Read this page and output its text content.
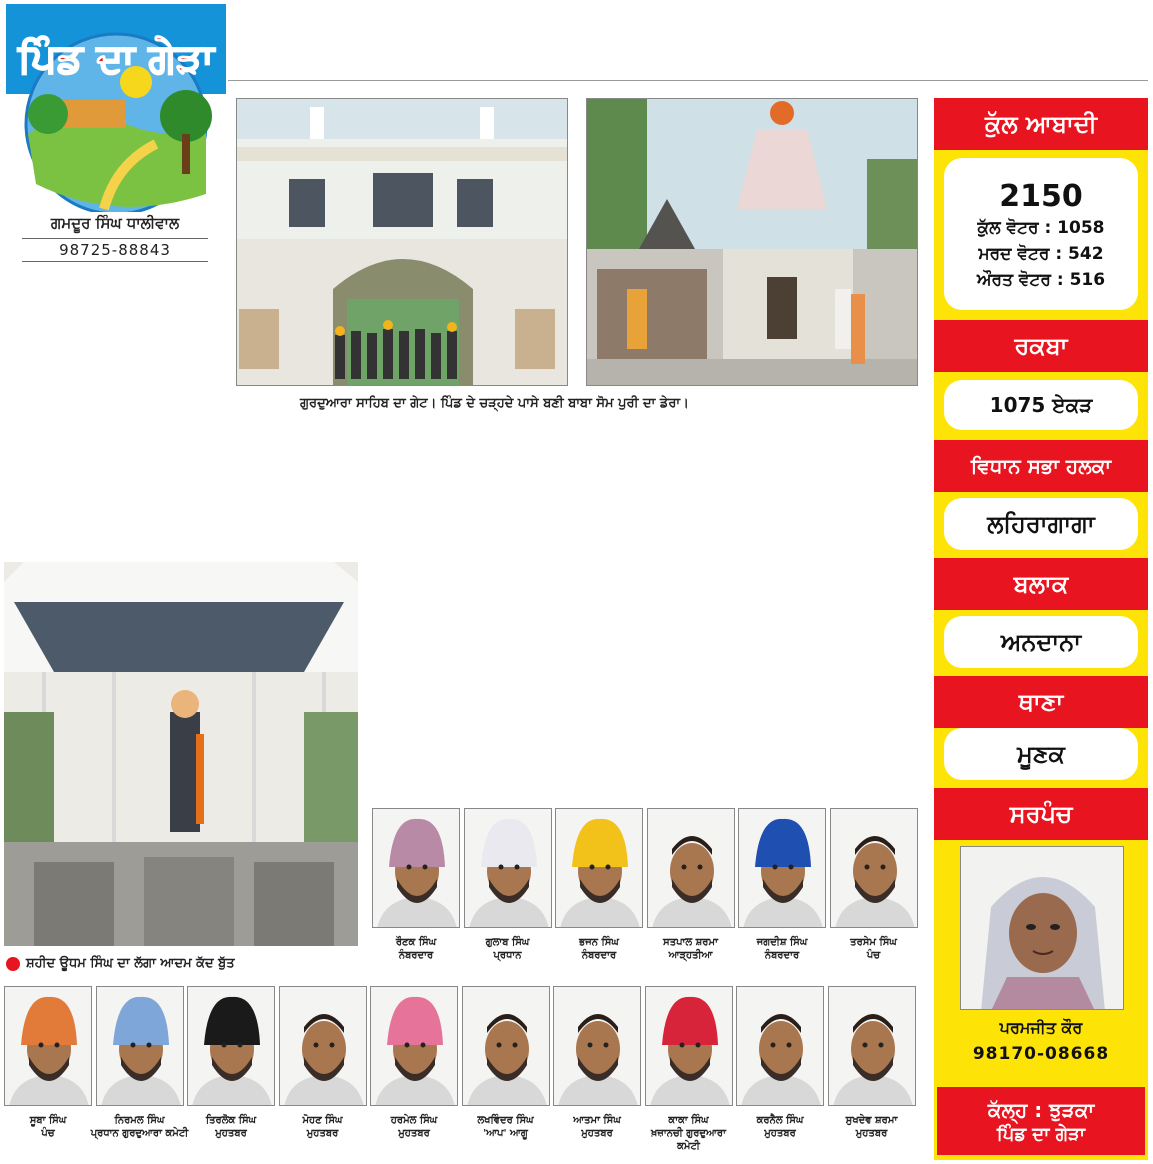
ਪਿੰਡ ਦਾ ਗੇੜਾ
ਗਮਦੂਰ ਸਿੰਘ ਧਾਲੀਵਾਲ
98725-88843
ਗੁਰਦੁਆਰਾ ਸਾਹਿਬ ਦਾ ਗੇਟ। ਪਿੰਡ ਦੇ ਚੜ੍ਹਦੇ ਪਾਸੇ ਬਣੀ ਬਾਬਾ ਸੋਮ ਪੁਰੀ ਦਾ ਡੇਰਾ।
ਸ਼ਹੀਦ ਊਧਮ ਸਿੰਘ ਦਾ ਲੱਗਾ ਆਦਮ ਕੱਦ ਬੁੱਤ
ਰੌਣਕ ਸਿੰਘ
ਨੰਬਰਦਾਰ
ਗੁਲਾਬ ਸਿੰਘ
ਪ੍ਰਧਾਨ
ਭਜਨ ਸਿੰਘ
ਨੰਬਰਦਾਰ
ਸਤਪਾਲ ਸ਼ਰਮਾ
ਆੜ੍ਹਤੀਆ
ਜਗਦੀਸ਼ ਸਿੰਘ
ਨੰਬਰਦਾਰ
ਤਰਸੇਮ ਸਿੰਘ
ਪੰਚ
ਸੂਬਾ ਸਿੰਘ
ਪੰਚ
ਨਿਰਮਲ ਸਿੰਘ
ਪ੍ਰਧਾਨ ਗੁਰਦੁਆਰਾ ਕਮੇਟੀ
ਤਿਰਲੋਕ ਸਿੰਘ
ਮੁਹਤਬਰ
ਮੋਹਣ ਸਿੰਘ
ਮੁਹਤਬਰ
ਹਰਮੇਲ ਸਿੰਘ
ਮੁਹਤਬਰ
ਲਖਵਿੰਦਰ ਸਿੰਘ
'ਆਪ' ਆਗੂ
ਆਤਮਾ ਸਿੰਘ
ਮੁਹਤਬਰ
ਕਾਕਾ ਸਿੰਘ
ਖ਼ਜ਼ਾਨਚੀ ਗੁਰਦੁਆਰਾ ਕਮੇਟੀ
ਕਰਨੈਲ ਸਿੰਘ
ਮੁਹਤਬਰ
ਸੁਖਦੇਵ ਸ਼ਰਮਾ
ਮੁਹਤਬਰ
ਕੁੱਲ ਆਬਾਦੀ
2150
ਕੁੱਲ ਵੋਟਰ : 1058
ਮਰਦ ਵੋਟਰ : 542
ਔਰਤ ਵੋਟਰ : 516
ਰਕਬਾ
1075 ਏਕੜ
ਵਿਧਾਨ ਸਭਾ ਹਲਕਾ
ਲਹਿਰਾਗਾਗਾ
ਬਲਾਕ
ਅਨਦਾਨਾ
ਥਾਣਾ
ਮੂਣਕ
ਸਰਪੰਚ
ਪਰਮਜੀਤ ਕੌਰ
98170-08668
ਕੱਲ੍ਹ : ਝੁੜਕਾ
ਪਿੰਡ ਦਾ ਗੇੜਾ
